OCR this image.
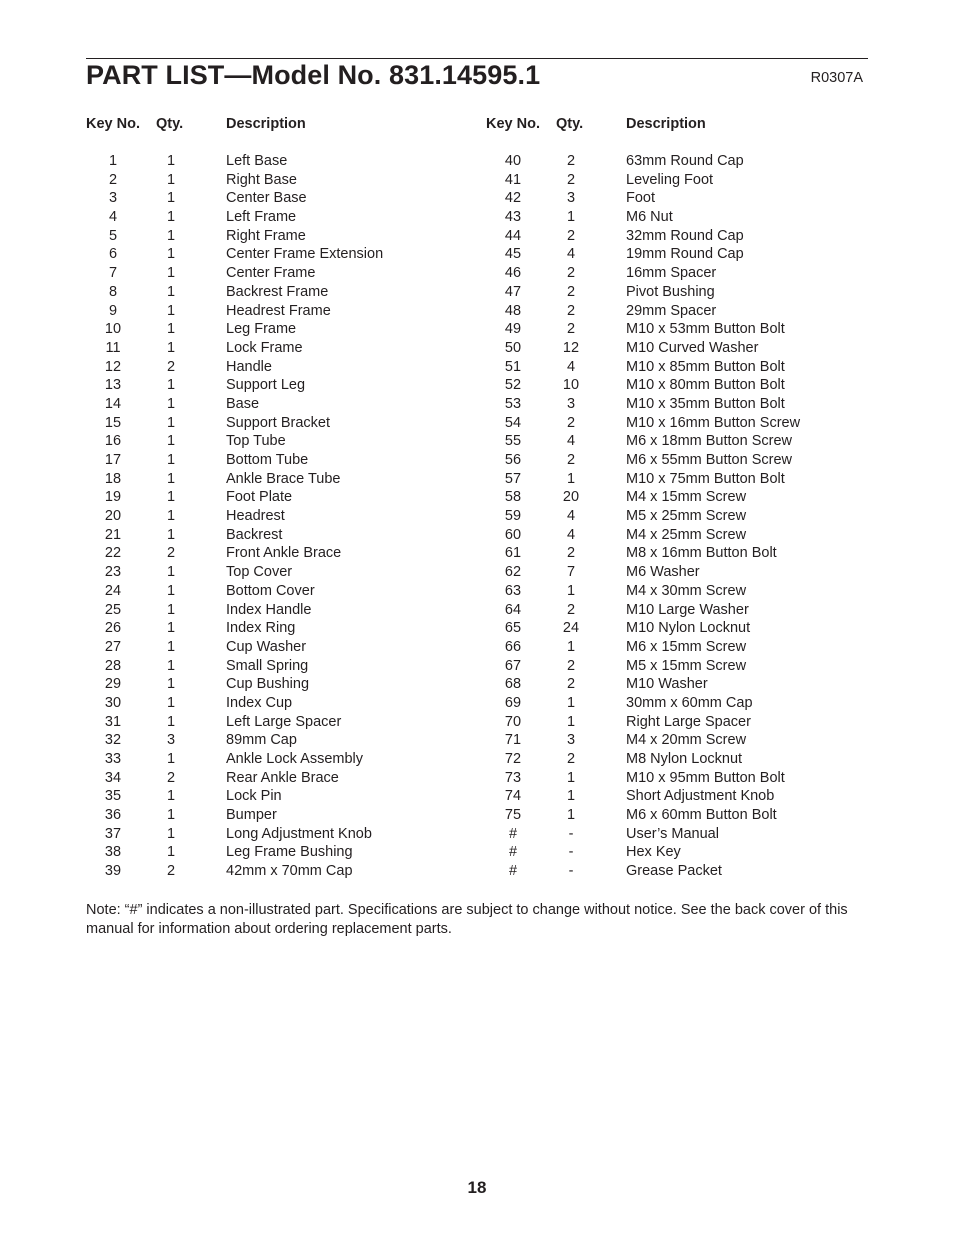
PART LIST—Model No. 831.14595.1	R0307A
Key No. Qty.	Description
1	1	Left Base
2	1	Right Base
3	1	Center Base
4	1	Left Frame
5	1	Right Frame
6	1	Center Frame Extension
7	1	Center Frame
8	1	Backrest Frame
9	1	Headrest Frame
10	1	Leg Frame
11	1	Lock Frame
12	2	Handle
13	1	Support Leg
14	1	Base
15	1	Support Bracket
16	1	Top Tube
17	1	Bottom Tube
18	1	Ankle Brace Tube
19	1	Foot Plate
20	1	Headrest
21	1	Backrest
22	2	Front Ankle Brace
23	1	Top Cover
24	1	Bottom Cover
25	1	Index Handle
26	1	Index Ring
27	1	Cup Washer
28	1	Small Spring
29	1	Cup Bushing
30	1	Index Cup
31	1	Left Large Spacer
32	3	89mm Cap
33	1	Ankle Lock Assembly
34	2	Rear Ankle Brace
35	1	Lock Pin
36	1	Bumper
37	1	Long Adjustment Knob
38	1	Leg Frame Bushing
39	2	42mm x 70mm Cap
Key No. Qty.	Description
40	2	63mm Round Cap
41	2	Leveling Foot
42	3	Foot
43	1	M6 Nut
44	2	32mm Round Cap
45	4	19mm Round Cap
46	2	16mm Spacer
47	2	Pivot Bushing
48	2	29mm Spacer
49	2	M10 x 53mm Button Bolt
50	12	M10 Curved Washer
51	4	M10 x 85mm Button Bolt
52	10	M10 x 80mm Button Bolt
53	3	M10 x 35mm Button Bolt
54	2	M10 x 16mm Button Screw
55	4	M6 x 18mm Button Screw
56	2	M6 x 55mm Button Screw
57	1	M10 x 75mm Button Bolt
58	20	M4 x 15mm Screw
59	4	M5 x 25mm Screw
60	4	M4 x 25mm Screw
61	2	M8 x 16mm Button Bolt
62	7	M6 Washer
63	1	M4 x 30mm Screw
64	2	M10 Large Washer
65	24	M10 Nylon Locknut
66	1	M6 x 15mm Screw
67	2	M5 x 15mm Screw
68	2	M10 Washer
69	1	30mm x 60mm Cap
70	1	Right Large Spacer
71	3	M4 x 20mm Screw
72	2	M8 Nylon Locknut
73	1	M10 x 95mm Button Bolt
74	1	Short Adjustment Knob
75	1	M6 x 60mm Button Bolt
#	-	User’s Manual
#	-	Hex Key
#	-	Grease Packet
Note: “#” indicates a non-illustrated part. Specifications are subject to change without notice. See the back cover of this manual for information about ordering replacement parts.
18
